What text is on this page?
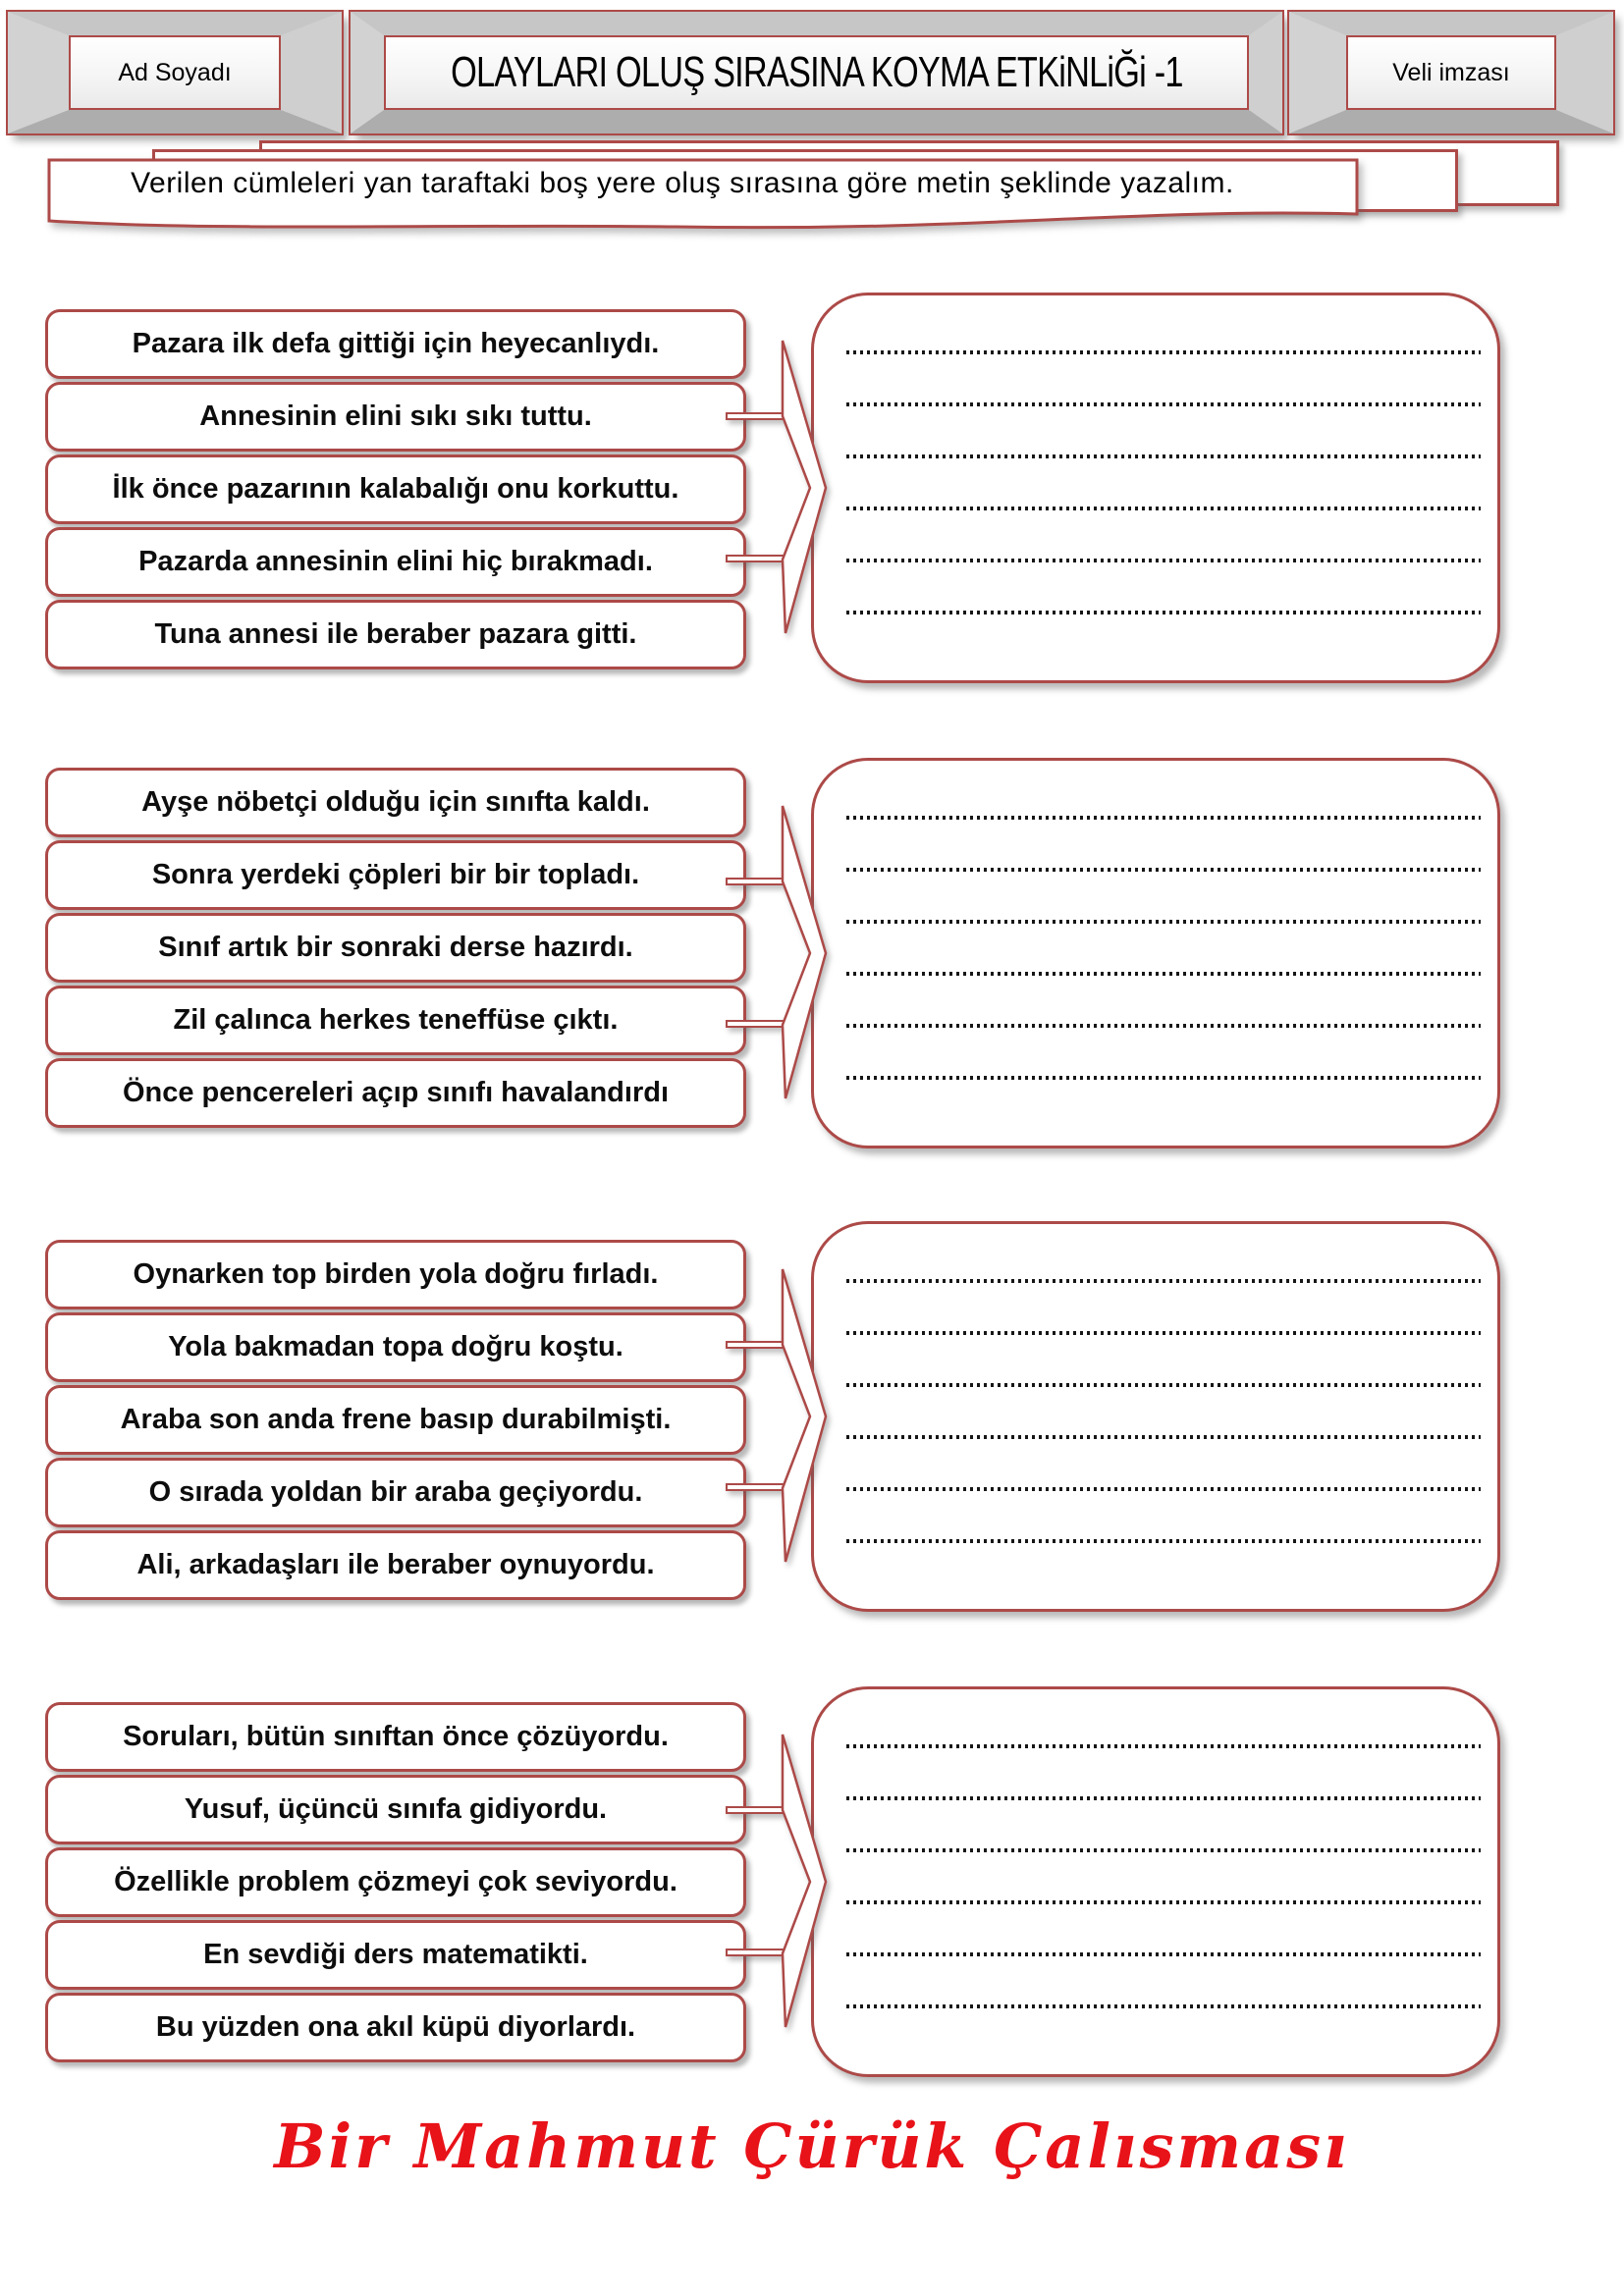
Ad Soyadı	OLAYLARI OLUŞ SIRASINA KOYMA ETKiNLiĞi -1	Veli imzası
Verilen cümleleri yan taraftaki boş yere oluş sırasına göre metin şeklinde yazalım.
Pazara ilk defa gittiği için heyecanlıydı.
Annesinin elini sıkı sıkı tuttu.
İlk önce pazarının kalabalığı onu korkuttu.
Pazarda annesinin elini hiç bırakmadı.
Tuna annesi ile beraber pazara gitti.
Ayşe nöbetçi olduğu için sınıfta kaldı.
Sonra yerdeki çöpleri bir bir topladı.
Sınıf artık bir sonraki derse hazırdı.
Zil çalınca herkes teneffüse çıktı.
Önce pencereleri açıp sınıfı havalandırdı
Oynarken top birden yola doğru fırladı.
Yola bakmadan topa doğru koştu.
Araba son anda frene basıp durabilmişti.
O sırada yoldan bir araba geçiyordu.
Ali, arkadaşları ile beraber oynuyordu.
Soruları, bütün sınıftan önce çözüyordu.
Yusuf, üçüncü sınıfa gidiyordu.
Özellikle problem çözmeyi çok seviyordu.
En sevdiği ders matematikti.
Bu yüzden ona akıl küpü diyorlardı.
Bir Mahmut Çürük Çalısması
